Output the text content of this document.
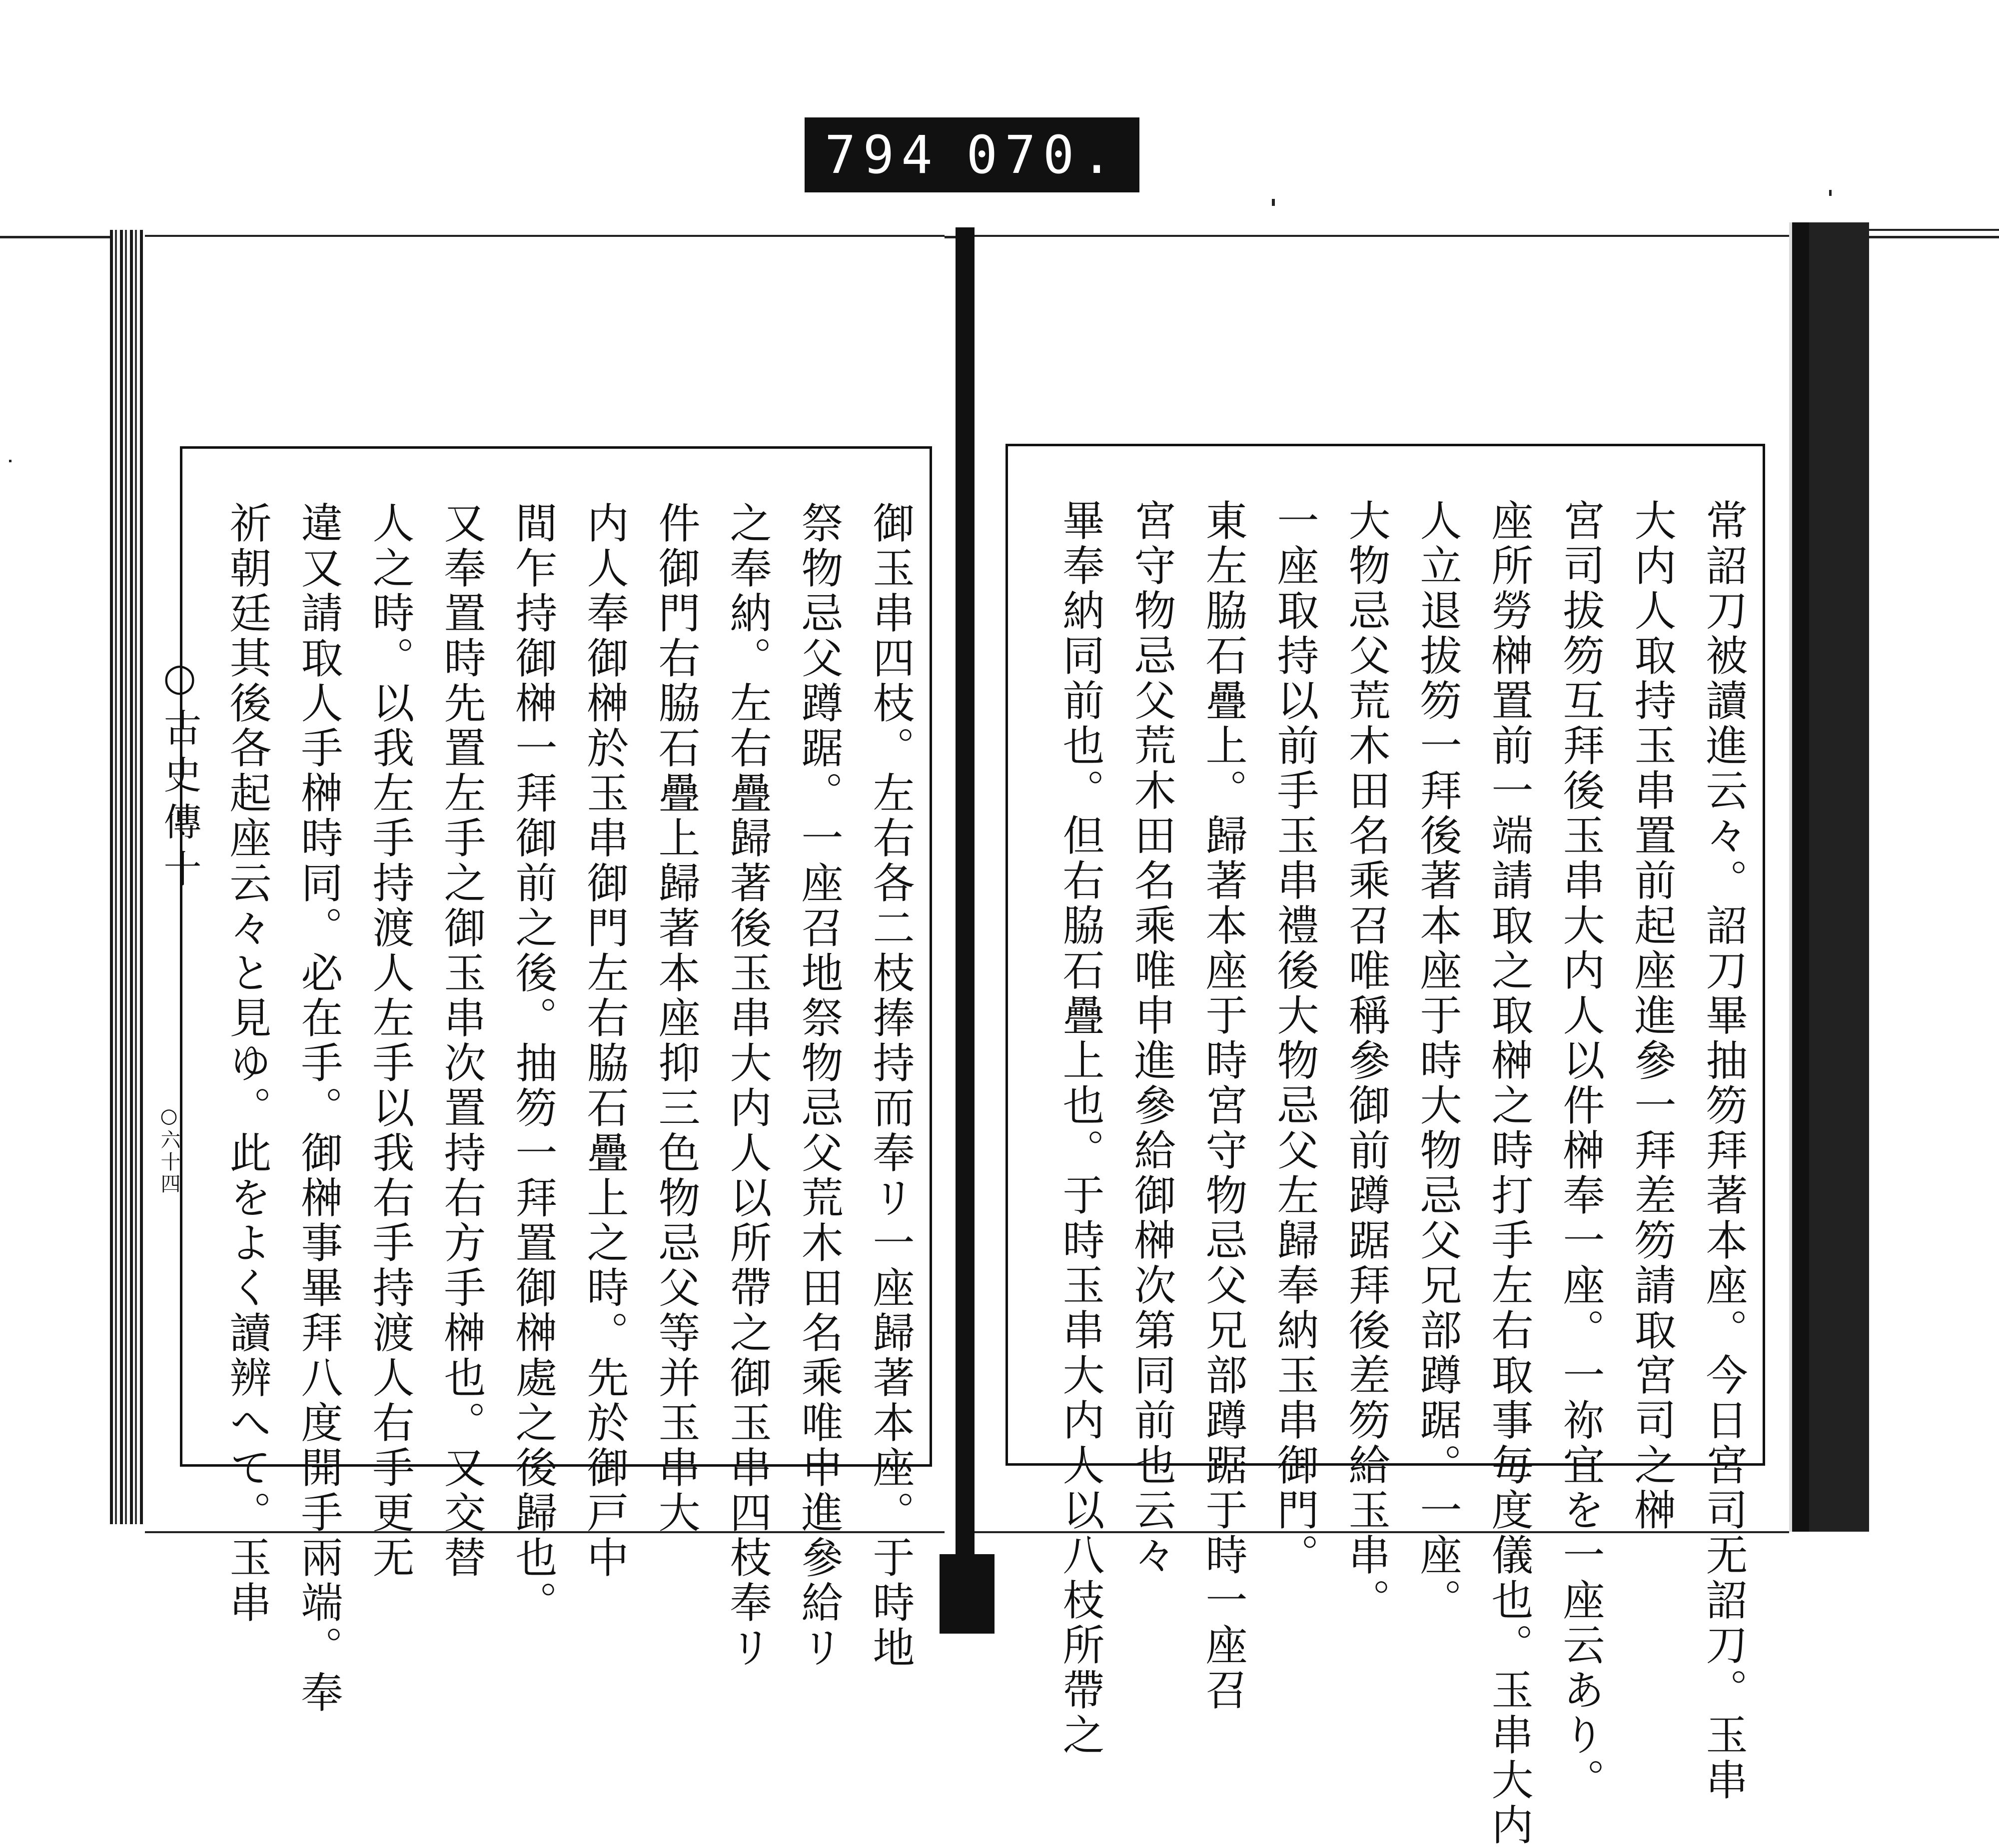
794 070.
○古史傳十
○六十四	御玉串四枝。左右各二枝捧持而奉リ一座歸著本座。于時地
祭物忌父蹲踞。一座召地祭物忌父荒木田名乘唯申進參給リ
之奉納。左右疊歸著後玉串大内人以所帶之御玉串四枝奉リ
件御門右脇石疊上歸著本座抑三色物忌父等并玉串大
内人奉御榊於玉串御門左右脇石疊上之時。先於御戸中
間乍持御榊一拜御前之後。抽笏一拜置御榊處之後歸也。
又奉置時先置左手之御玉串次置持右方手榊也。又交替
人之時。以我左手持渡人左手以我右手持渡人右手更无
違又請取人手榊時同。必在手。御榊事畢拜八度開手兩端。奉
祈朝廷其後各起座云々と見ゆ。此をよく讀辨へて。玉串	常詔刀被讀進云々。詔刀畢抽笏拜著本座。今日宮司无詔刀。玉串
大内人取持玉串置前起座進參一拜差笏請取宮司之榊
宮司拔笏互拜後玉串大内人以件榊奉一座。一祢宜を一座云あり。
座所勞榊置前一端請取之取榊之時打手左右取事毎度儀也。玉串大内
人立退拔笏一拜後著本座于時大物忌父兄部蹲踞。一座。
大物忌父荒木田名乘召唯稱參御前蹲踞拜後差笏給玉串。
一座取持以前手玉串禮後大物忌父左歸奉納玉串御門。
東左脇石疊上。歸著本座于時宮守物忌父兄部蹲踞于時一座召
宮守物忌父荒木田名乘唯申進參給御榊次第同前也云々
畢奉納同前也。但右脇石疊上也。于時玉串大内人以八枝所帶之
